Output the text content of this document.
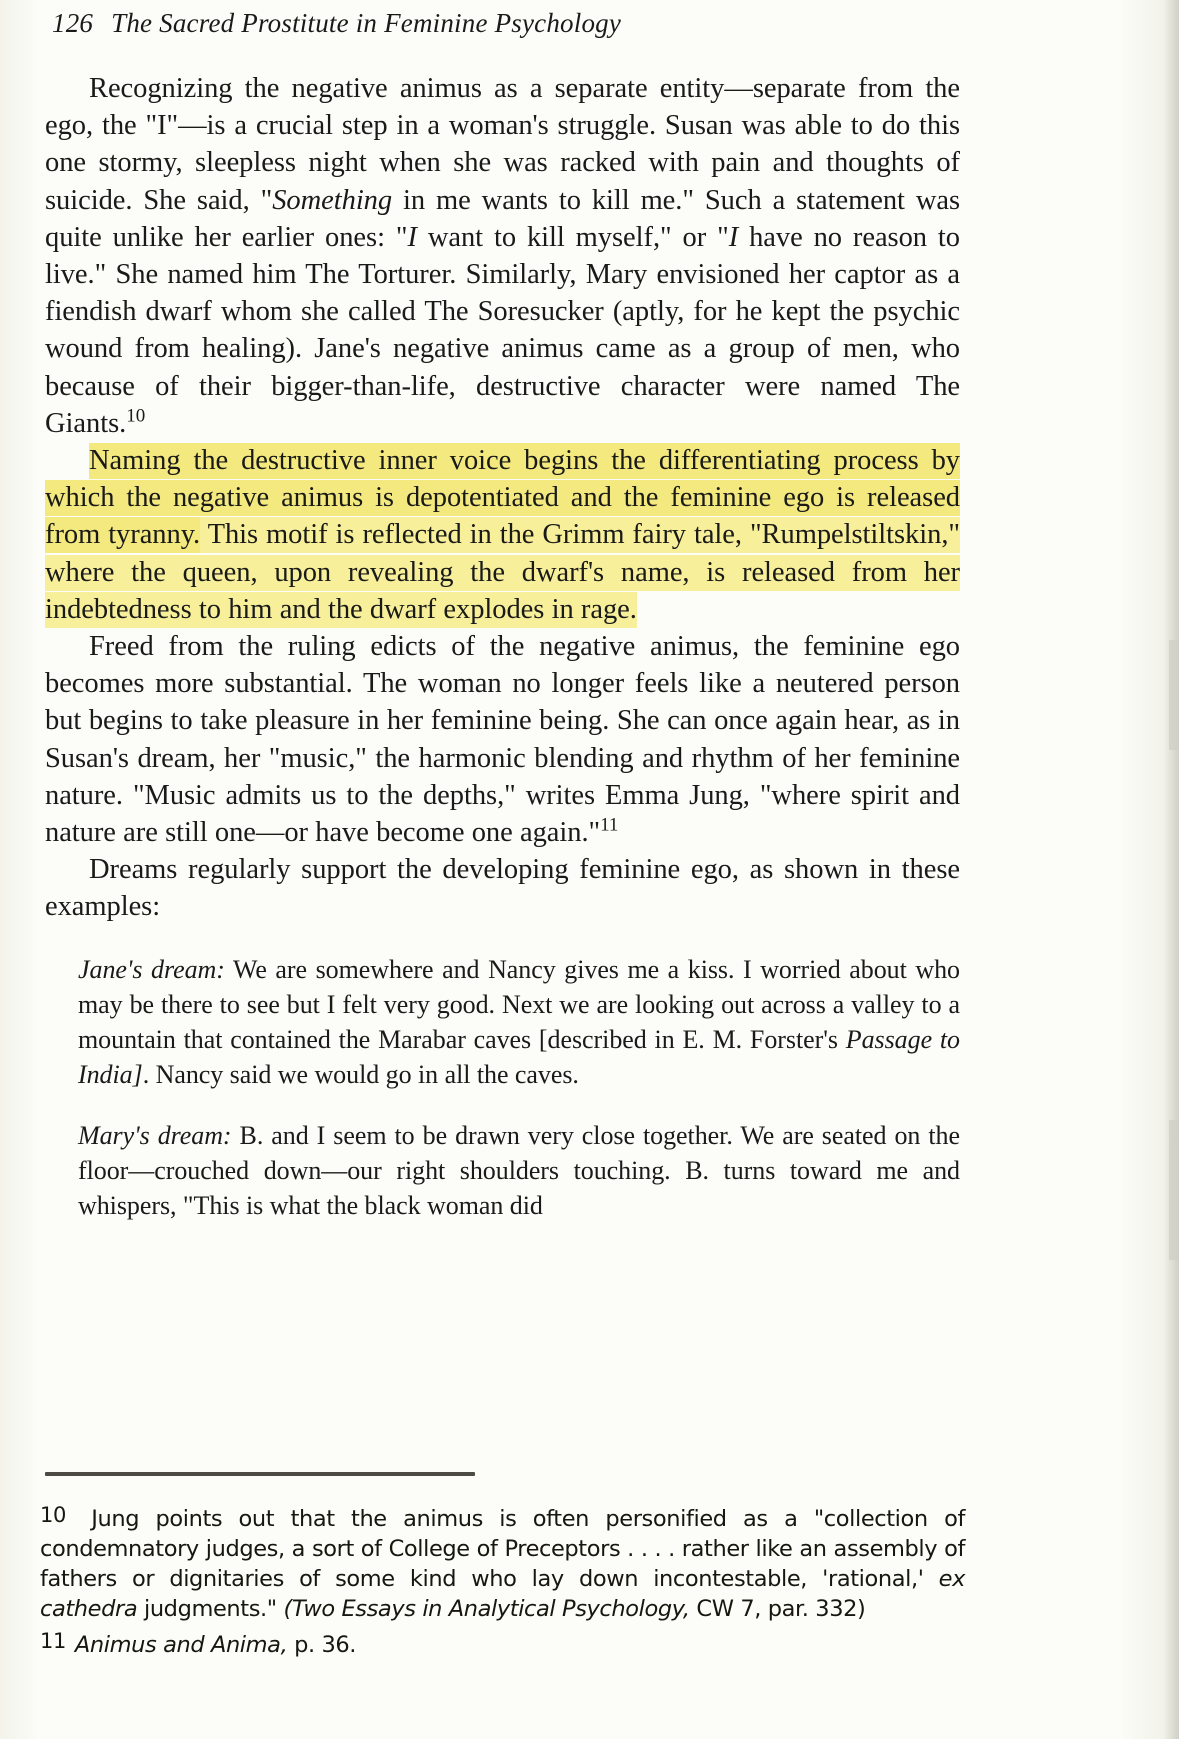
126 The Sacred Prostitute in Feminine Psychology

Recognizing the negative animus as a separate entity—separate from the ego, the "I"—is a crucial step in a woman's struggle. Susan was able to do this one stormy, sleepless night when she was racked with pain and thoughts of suicide. She said, "Something in me wants to kill me." Such a statement was quite unlike her earlier ones: "I want to kill myself," or "I have no reason to live." She named him The Torturer. Similarly, Mary envisioned her captor as a fiendish dwarf whom she called The Soresucker (aptly, for he kept the psychic wound from healing). Jane's negative animus came as a group of men, who because of their bigger-than-life, destructive character were named The Giants.$^{10}$

Naming the destructive inner voice begins the differentiating process by which the negative animus is depotentiated and the feminine ego is released from tyranny. This motif is reflected in the Grimm fairy tale, "Rumpelstiltskin," where the queen, upon revealing the dwarf's name, is released from her indebtedness to him and the dwarf explodes in rage.

Freed from the ruling edicts of the negative animus, the feminine ego becomes more substantial. The woman no longer feels like a neutered person but begins to take pleasure in her feminine being. She can once again hear, as in Susan's dream, her "music," the harmonic blending and rhythm of her feminine nature. "Music admits us to the depths," writes Emma Jung, "where spirit and nature are still one—or have become one again."$^{11}$

Dreams regularly support the developing feminine ego, as shown in these examples:

Jane's dream: We are somewhere and Nancy gives me a kiss. I worried about who may be there to see but I felt very good. Next we are looking out across a valley to a mountain that contained the Marabar caves [described in E. M. Forster's Passage to India]. Nancy said we would go in all the caves.
Mary's dream: B. and I seem to be drawn very close together. We are seated on the floor—crouched down—our right shoulders touching. B. turns toward me and whispers, "This is what the black woman did

10 Jung points out that the animus is often personified as a "collection of condemnatory judges, a sort of College of Preceptors . . . . rather like an assembly of fathers or dignitaries of some kind who lay down incontestable, 'rational,' ex cathedra judgments." (Two Essays in Analytical Psychology, CW 7, par. 332)

11 Animus and Anima, p. 36.
